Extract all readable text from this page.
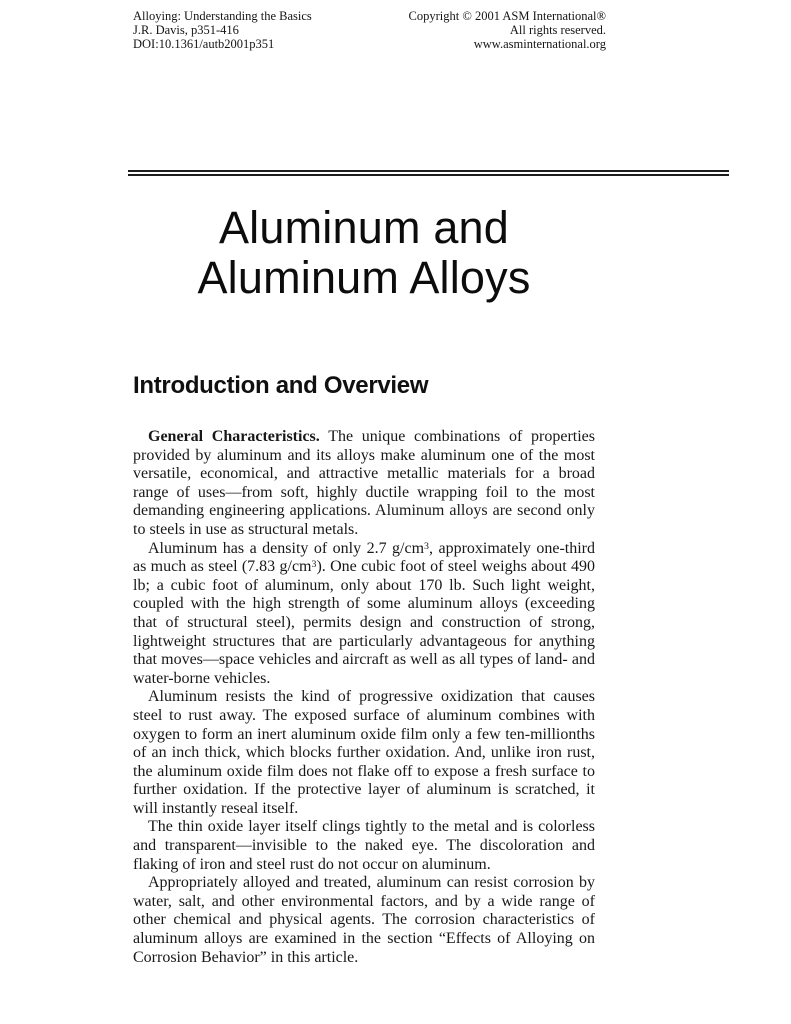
Alloying: Understanding the Basics
J.R. Davis, p351-416
DOI:10.1361/autb2001p351
Copyright © 2001 ASM International®
All rights reserved.
www.asminternational.org
Aluminum and
Aluminum Alloys
Introduction and Overview

General Characteristics. The unique combinations of properties provided by aluminum and its alloys make aluminum one of the most versatile, economical, and attractive metallic materials for a broad range of uses—from soft, highly ductile wrapping foil to the most demanding engineering applications. Aluminum alloys are second only to steels in use as structural metals.

Aluminum has a density of only 2.7 $g/cm^3$, approximately one-third as much as steel (7.83 $g/cm^3$). One cubic foot of steel weighs about 490 lb; a cubic foot of aluminum, only about 170 lb. Such light weight, coupled with the high strength of some aluminum alloys (exceeding that of structural steel), permits design and construction of strong, lightweight structures that are particularly advantageous for anything that moves—space vehicles and aircraft as well as all types of land- and water-borne vehicles.

Aluminum resists the kind of progressive oxidization that causes steel to rust away. The exposed surface of aluminum combines with oxygen to form an inert aluminum oxide film only a few ten-millionths of an inch thick, which blocks further oxidation. And, unlike iron rust, the aluminum oxide film does not flake off to expose a fresh surface to further oxidation. If the protective layer of aluminum is scratched, it will instantly reseal itself.

The thin oxide layer itself clings tightly to the metal and is colorless and transparent—invisible to the naked eye. The discoloration and flaking of iron and steel rust do not occur on aluminum.

Appropriately alloyed and treated, aluminum can resist corrosion by water, salt, and other environmental factors, and by a wide range of other chemical and physical agents. The corrosion characteristics of aluminum alloys are examined in the section “Effects of Alloying on Corrosion Behavior” in this article.
